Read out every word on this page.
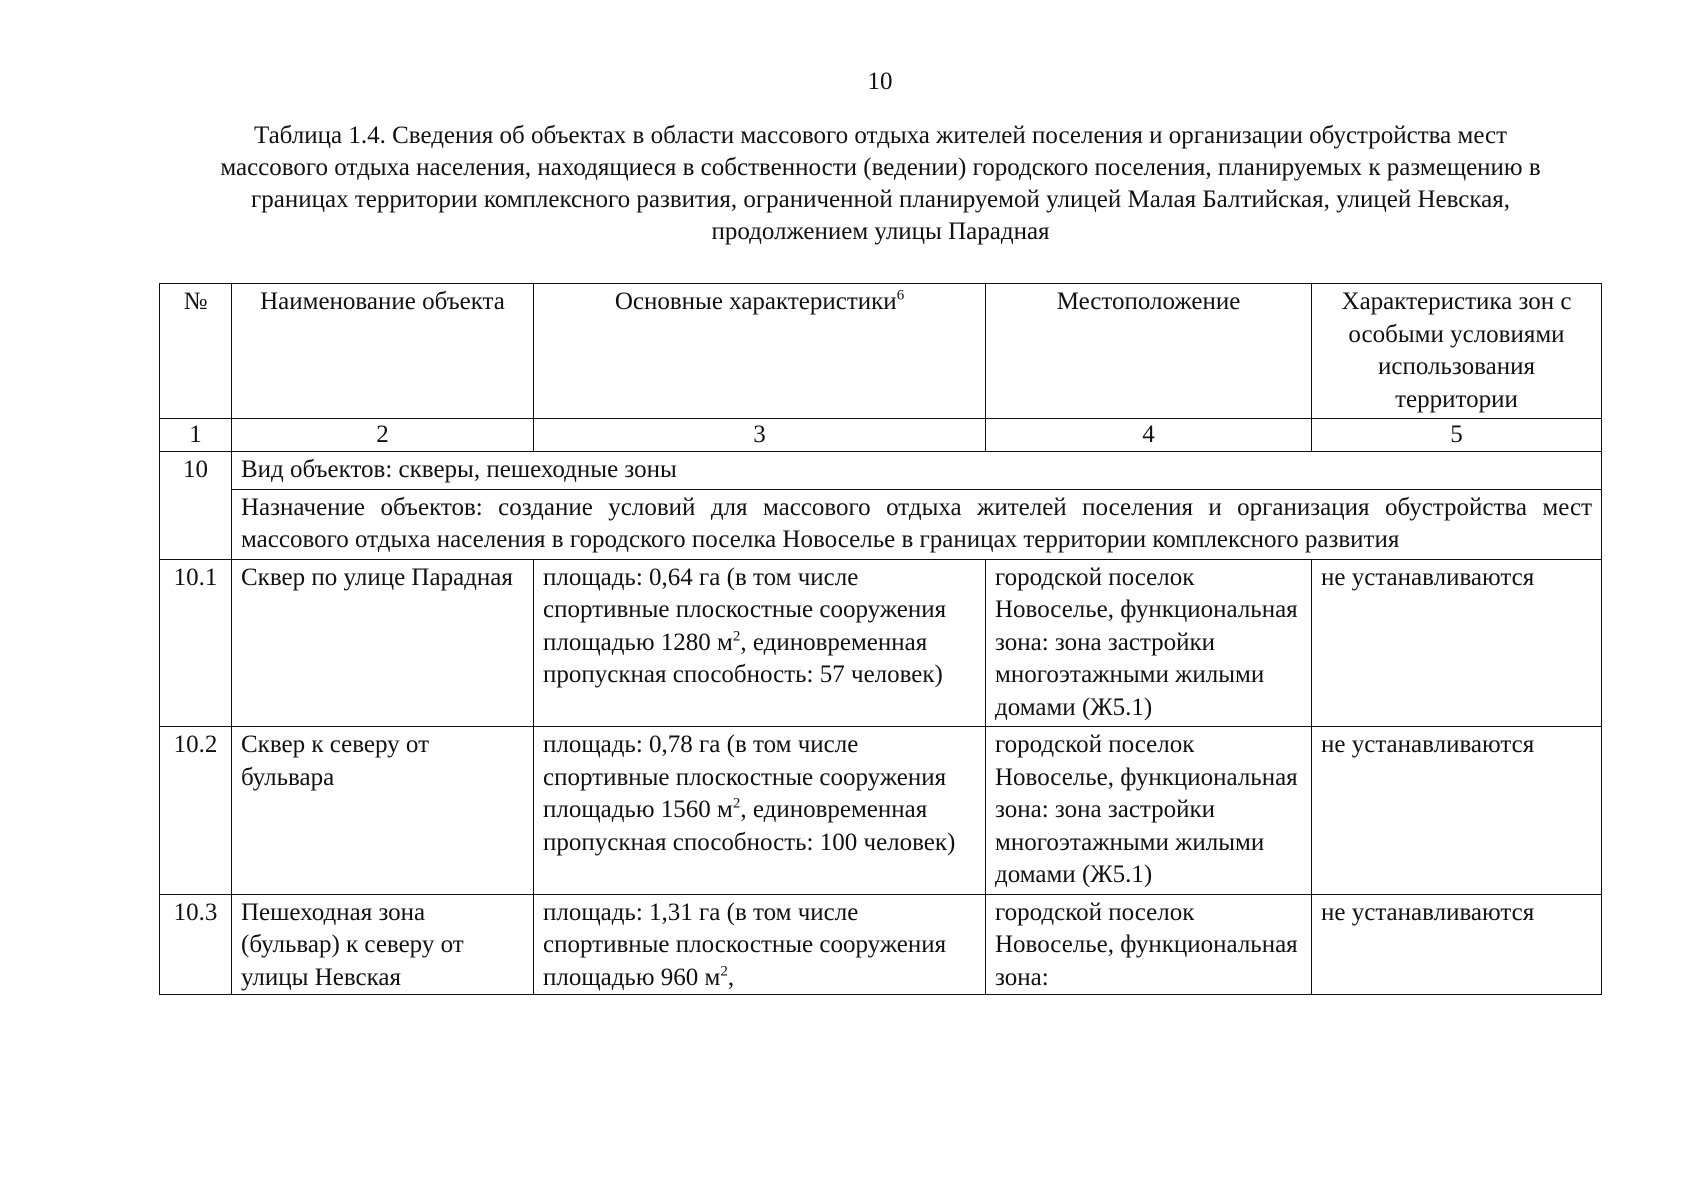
10
Таблица 1.4. Сведения об объектах в области массового отдыха жителей поселения и организации обустройства мест массового отдыха населения, находящиеся в собственности (ведении) городского поселения, планируемых к размещению в границах территории комплексного развития, ограниченной планируемой улицей Малая Балтийская, улицей Невская, продолжением улицы Парадная
№	Наименование объекта	Основные характеристики$^6$	Местоположение	Характеристика зон с особыми условиями использования территории
1	2	3	4	5
10	Вид объектов: скверы, пешеходные зоны			
	Назначение объектов: создание условий для массового отдыха жителей поселения и организация обустройства мест массового отдыха населения в городского поселка Новоселье в границах территории комплексного развития			
10.1	Сквер по улице Парадная	площадь: 0,64 га (в том числе спортивные плоскостные сооружения площадью 1280 $м^2$, единовременная пропускная способность: 57 человек)	городской поселок Новоселье, функциональная зона: зона застройки многоэтажными жилыми домами (Ж5.1)	не устанавливаются
10.2	Сквер к северу от бульвара	площадь: 0,78 га (в том числе спортивные плоскостные сооружения площадью 1560 $м^2$, единовременная пропускная способность: 100 человек)	городской поселок Новоселье, функциональная зона: зона застройки многоэтажными жилыми домами (Ж5.1)	не устанавливаются
10.3	Пешеходная зона (бульвар) к северу от улицы Невская	площадь: 1,31 га (в том числе спортивные плоскостные сооружения площадью 960 $м^2$,	городской поселок Новоселье, функциональная зона:	не устанавливаются
